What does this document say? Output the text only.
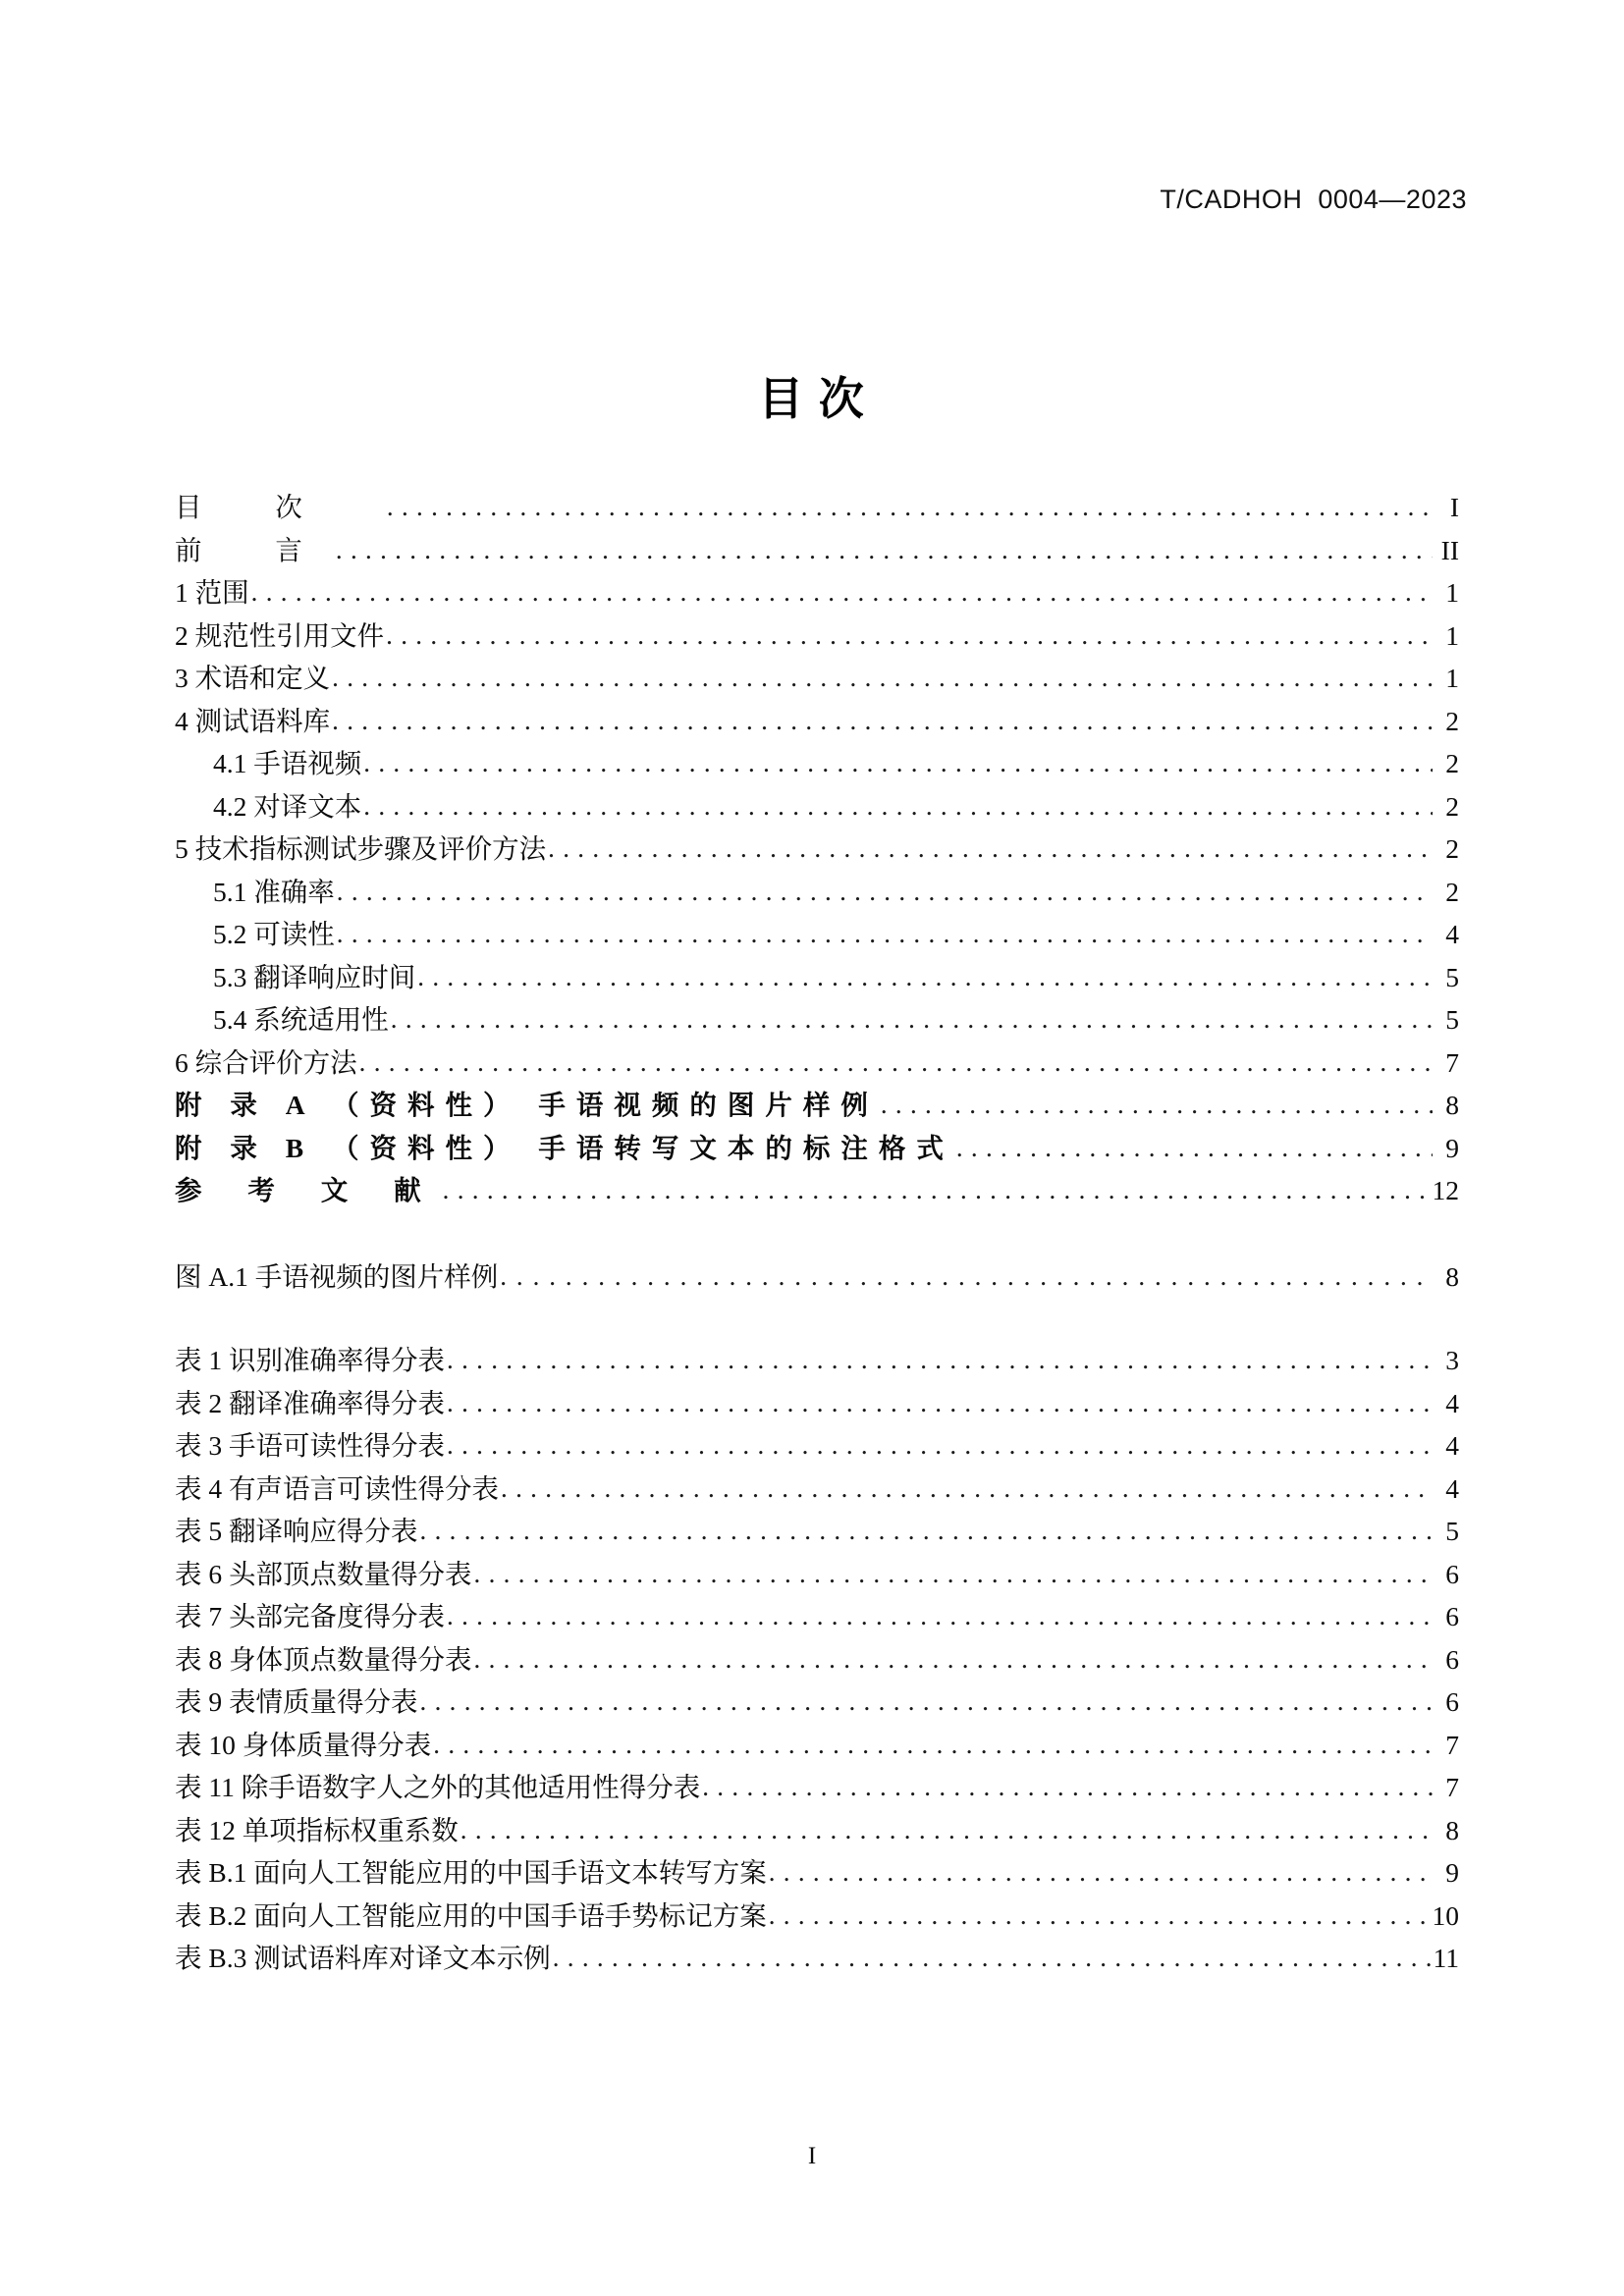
T/CADHOH  0004—2023
目 次
目 次 . . .	I
前 言 . . .	II
1 范围 . . .	1
2 规范性引用文件 . . .	1
3 术语和定义 . . .	1
4 测试语料库 . . .	2
4.1 手语视频 . . .	2
4.2 对译文本 . . .	2
5 技术指标测试步骤及评价方法 . . .	2
5.1 准确率 . . .	2
5.2 可读性 . . .	4
5.3 翻译响应时间 . . .	5
5.4 系统适用性 . . .	5
6 综合评价方法 . . .	7
附 录 A （资料性） 手语视频的图片样例 . . .	8
附 录 B （资料性） 手语转写文本的标注格式 . . .	9
参 考 文 献 . . .	12
图 A.1 手语视频的图片样例 . . .	8
表 1 识别准确率得分表 . . .	3
表 2 翻译准确率得分表 . . .	4
表 3 手语可读性得分表 . . .	4
表 4 有声语言可读性得分表 . . .	4
表 5 翻译响应得分表 . . .	5
表 6 头部顶点数量得分表 . . .	6
表 7 头部完备度得分表 . . .	6
表 8 身体顶点数量得分表 . . .	6
表 9 表情质量得分表 . . .	6
表 10 身体质量得分表 . . .	7
表 11 除手语数字人之外的其他适用性得分表 . . .	7
表 12 单项指标权重系数 . . .	8
表 B.1 面向人工智能应用的中国手语文本转写方案 . . .	9
表 B.2 面向人工智能应用的中国手语手势标记方案 . . .	10
表 B.3 测试语料库对译文本示例 . . .	11
I
